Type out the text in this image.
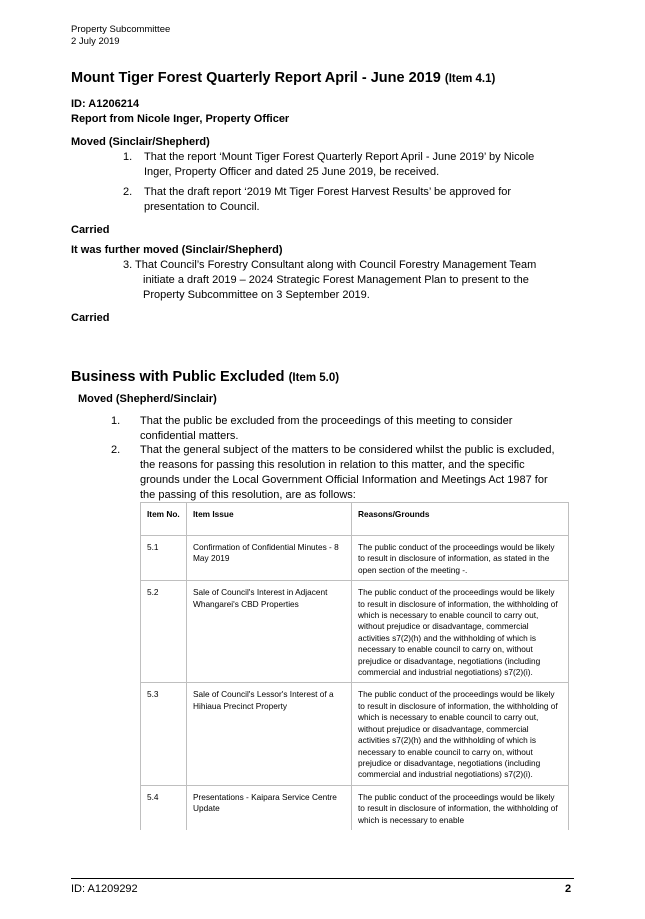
Property Subcommittee
2 July 2019
Mount Tiger Forest Quarterly Report April - June 2019 (Item 4.1)
ID: A1206214
Report from Nicole Inger, Property Officer
Moved (Sinclair/Shepherd)
1. That the report ‘Mount Tiger Forest Quarterly Report April - June 2019’ by Nicole
Inger, Property Officer and dated 25 June 2019, be received.
2. That the draft report ‘2019 Mt Tiger Forest Harvest Results’ be approved for
presentation to Council.
Carried
It was further moved (Sinclair/Shepherd)
3. That Council’s Forestry Consultant along with Council Forestry Management Team
initiate a draft 2019 – 2024 Strategic Forest Management Plan to present to the
Property Subcommittee on 3 September 2019.
Carried
Business with Public Excluded (Item 5.0)
Moved (Shepherd/Sinclair)
1. That the public be excluded from the proceedings of this meeting to consider
confidential matters.
2. That the general subject of the matters to be considered whilst the public is excluded,
the reasons for passing this resolution in relation to this matter, and the specific
grounds under the Local Government Official Information and Meetings Act 1987 for
the passing of this resolution, are as follows:
Item No.	Item Issue	Reasons/Grounds
5.1	Confirmation of Confidential Minutes - 8 May 2019	The public conduct of the proceedings would be likely to result in disclosure of information, as stated in the open section of the meeting -.
5.2	Sale of Council's Interest in Adjacent Whangarei's CBD Properties	The public conduct of the proceedings would be likely to result in disclosure of information, the withholding of which is necessary to enable council to carry out, without prejudice or disadvantage, commercial activities s7(2)(h) and the withholding of which is necessary to enable council to carry on, without prejudice or disadvantage, negotiations (including commercial and industrial negotiations) s7(2)(i).
5.3	Sale of Council's Lessor's Interest of a Hihiaua Precinct Property	The public conduct of the proceedings would be likely to result in disclosure of information, the withholding of which is necessary to enable council to carry out, without prejudice or disadvantage, commercial activities s7(2)(h) and the withholding of which is necessary to enable council to carry on, without prejudice or disadvantage, negotiations (including commercial and industrial negotiations) s7(2)(i).
5.4	Presentations - Kaipara Service Centre Update	The public conduct of the proceedings would be likely to result in disclosure of information, the withholding of which is necessary to enable
ID: A1209292	2
